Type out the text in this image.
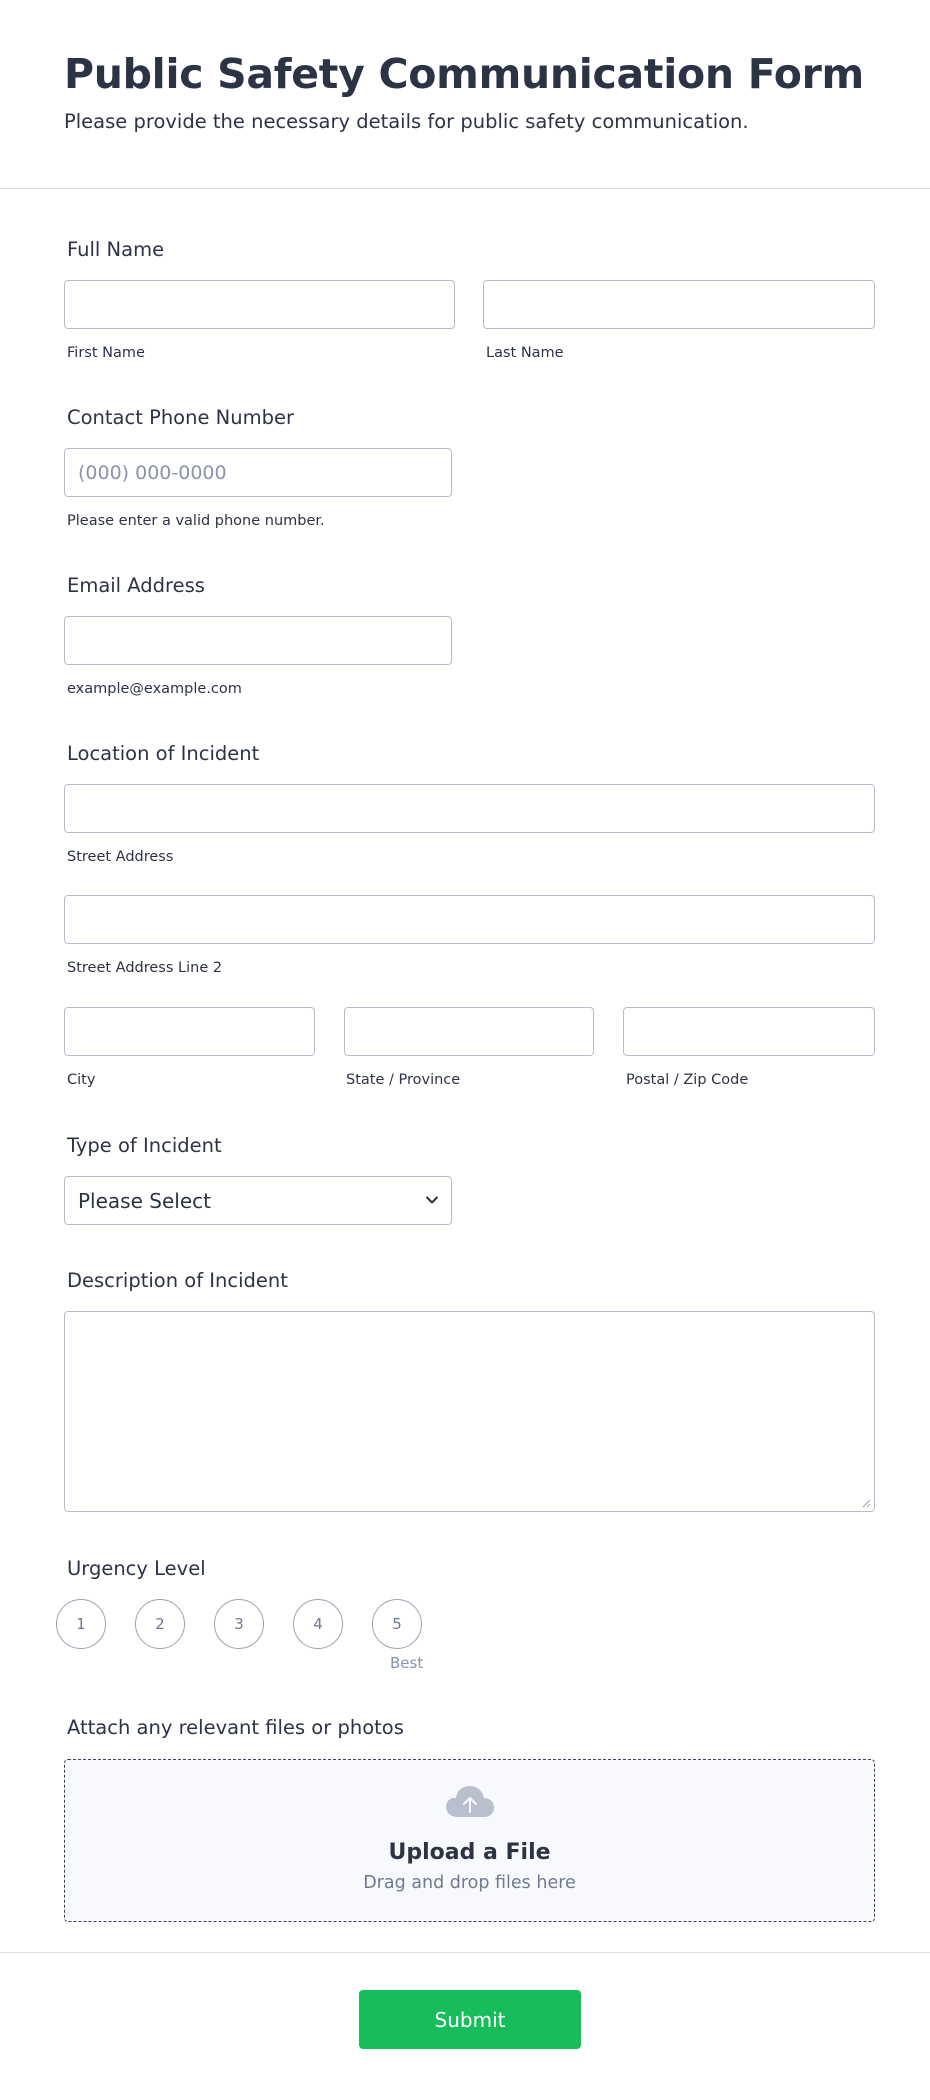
Public Safety Communication Form
Please provide the necessary details for public safety communication.
Full Name
First Name	Last Name
Contact Phone Number
(000) 000-0000
Please enter a valid phone number.
Email Address
example@example.com
Location of Incident
Street Address
Street Address Line 2
City	State / Province	Postal / Zip Code
Type of Incident
Please Select
Description of Incident
Urgency Level
1	2	3	4	5
Best
Attach any relevant files or photos
Upload a File
Drag and drop files here
Submit
